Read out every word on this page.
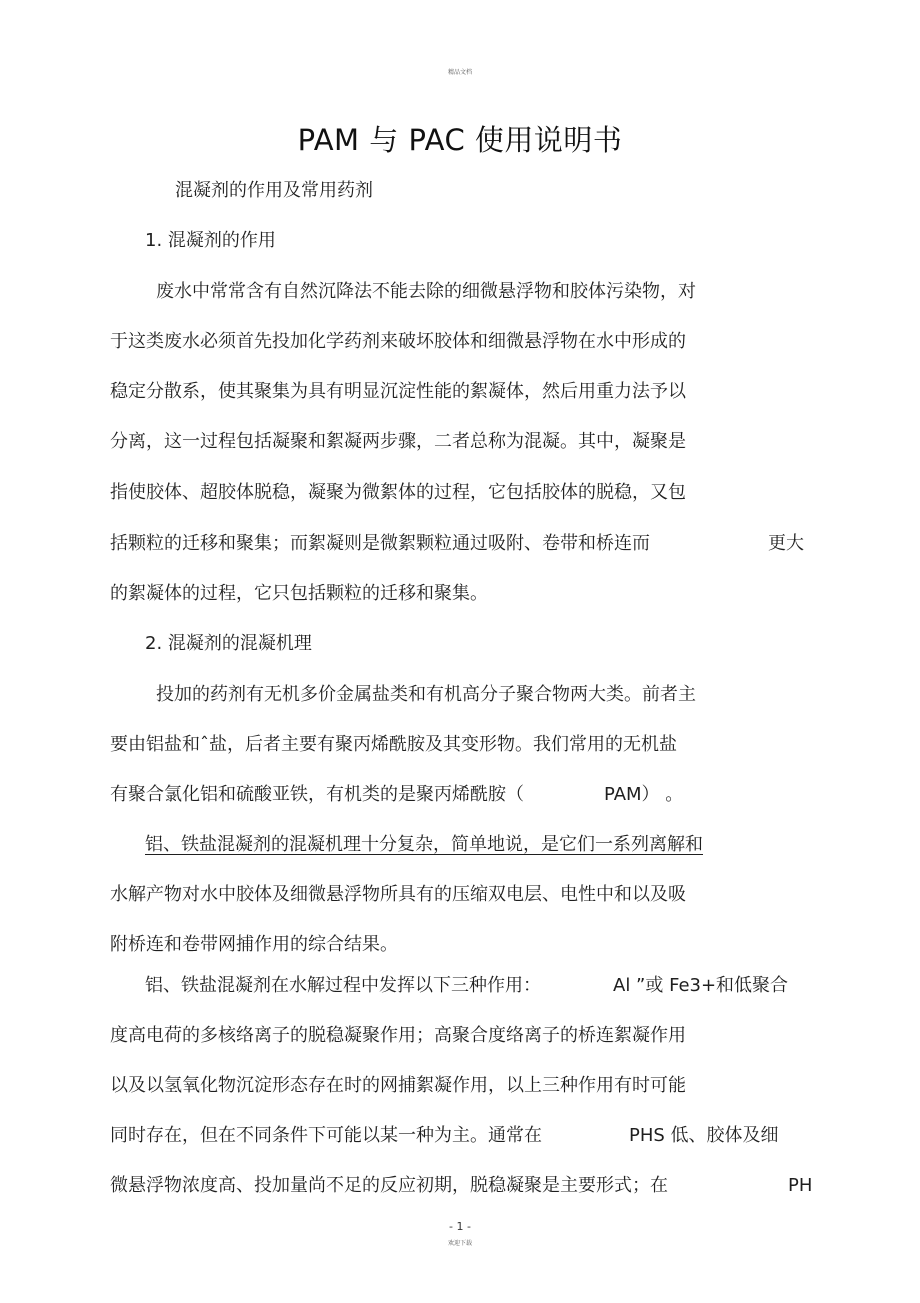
精品文档
PAM 与 PAC 使用说明书
混凝剂的作用及常用药剂
1. 混凝剂的作用
废水中常常含有自然沉降法不能去除的细微悬浮物和胶体污染物，对
于这类废水必须首先投加化学药剂来破坏胶体和细微悬浮物在水中形成的
稳定分散系，使其聚集为具有明显沉淀性能的絮凝体，然后用重力法予以
分离，这一过程包括凝聚和絮凝两步骤，二者总称为混凝。其中，凝聚是
指使胶体、超胶体脱稳，凝聚为微絮体的过程，它包括胶体的脱稳，又包
括颗粒的迁移和聚集；而絮凝则是微絮颗粒通过吸附、卷带和桥连而	更大
的絮凝体的过程，它只包括颗粒的迁移和聚集。
2. 混凝剂的混凝机理
投加的药剂有无机多价金属盐类和有机高分子聚合物两大类。前者主
要由铝盐和ˆ盐，后者主要有聚丙烯酰胺及其变形物。我们常用的无机盐
有聚合氯化铝和硫酸亚铁，有机类的是聚丙烯酰胺（	PAM） 。
铝、铁盐混凝剂的混凝机理十分复杂，简单地说，是它们一系列离解和
水解产物对水中胶体及细微悬浮物所具有的压缩双电层、电性中和以及吸
附桥连和卷带网捕作用的综合结果。
铝、铁盐混凝剂在水解过程中发挥以下三种作用：	Al ”或 Fe3+和低聚合
度高电荷的多核络离子的脱稳凝聚作用；高聚合度络离子的桥连絮凝作用
以及以氢氧化物沉淀形态存在时的网捕絮凝作用，以上三种作用有时可能
同时存在，但在不同条件下可能以某一种为主。通常在	PHS 低、胶体及细
微悬浮物浓度高、投加量尚不足的反应初期，脱稳凝聚是主要形式；在	PH
- 1 -
欢迎下载
